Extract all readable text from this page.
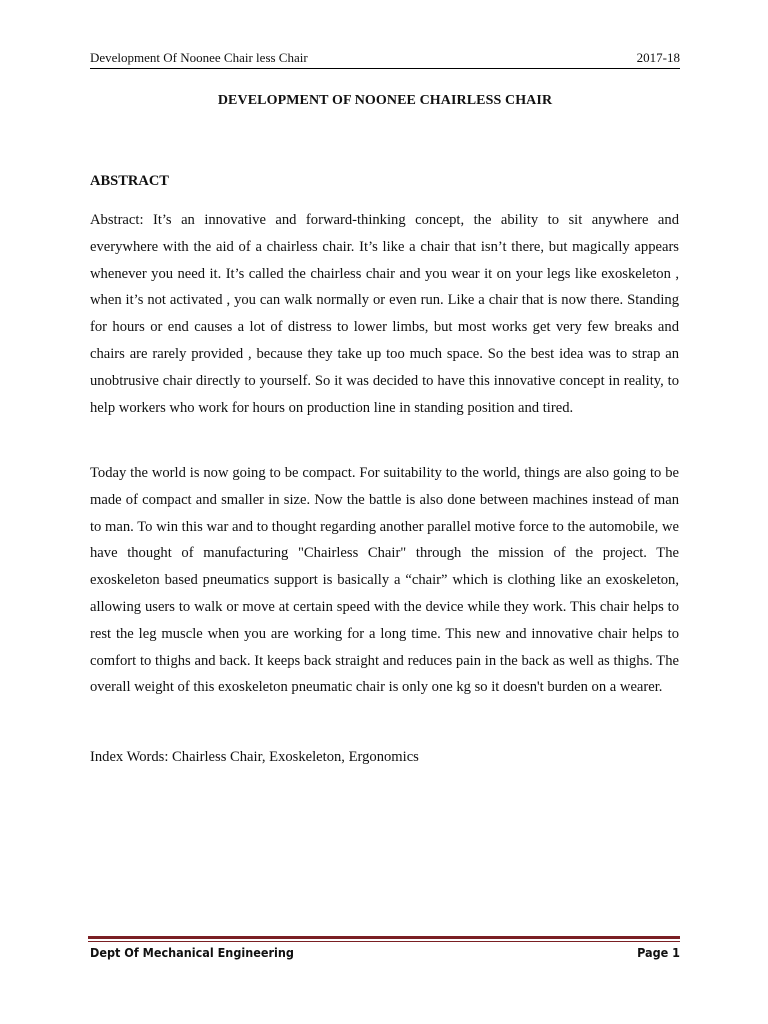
Development Of Noonee Chair less Chair	2017-18
DEVELOPMENT OF NOONEE CHAIRLESS CHAIR
ABSTRACT

Abstract: It’s an innovative and forward-thinking concept, the ability to sit anywhere and everywhere with the aid of a chairless chair. It’s like a chair that isn’t there, but magically appears whenever you need it. It’s called the chairless chair and you wear it on your legs like exoskeleton , when it’s not activated , you can walk normally or even run. Like a chair that is now there. Standing for hours or end causes a lot of distress to lower limbs, but most works get very few breaks and chairs are rarely provided , because they take up too much space. So the best idea was to strap an unobtrusive chair directly to yourself. So it was decided to have this innovative concept in reality, to help workers who work for hours on production line in standing position and tired.

Today the world is now going to be compact. For suitability to the world, things are also going to be made of compact and smaller in size. Now the battle is also done between machines instead of man to man. To win this war and to thought regarding another parallel motive force to the automobile, we have thought of manufacturing "Chairless Chair" through the mission of the project. The exoskeleton based pneumatics support is basically a “chair” which is clothing like an exoskeleton, allowing users to walk or move at certain speed with the device while they work. This chair helps to rest the leg muscle when you are working for a long time. This new and innovative chair helps to comfort to thighs and back. It keeps back straight and reduces pain in the back as well as thighs. The overall weight of this exoskeleton pneumatic chair is only one kg so it doesn't burden on a wearer.

Index Words: Chairless Chair, Exoskeleton, Ergonomics

Dept Of Mechanical Engineering	Page 1
